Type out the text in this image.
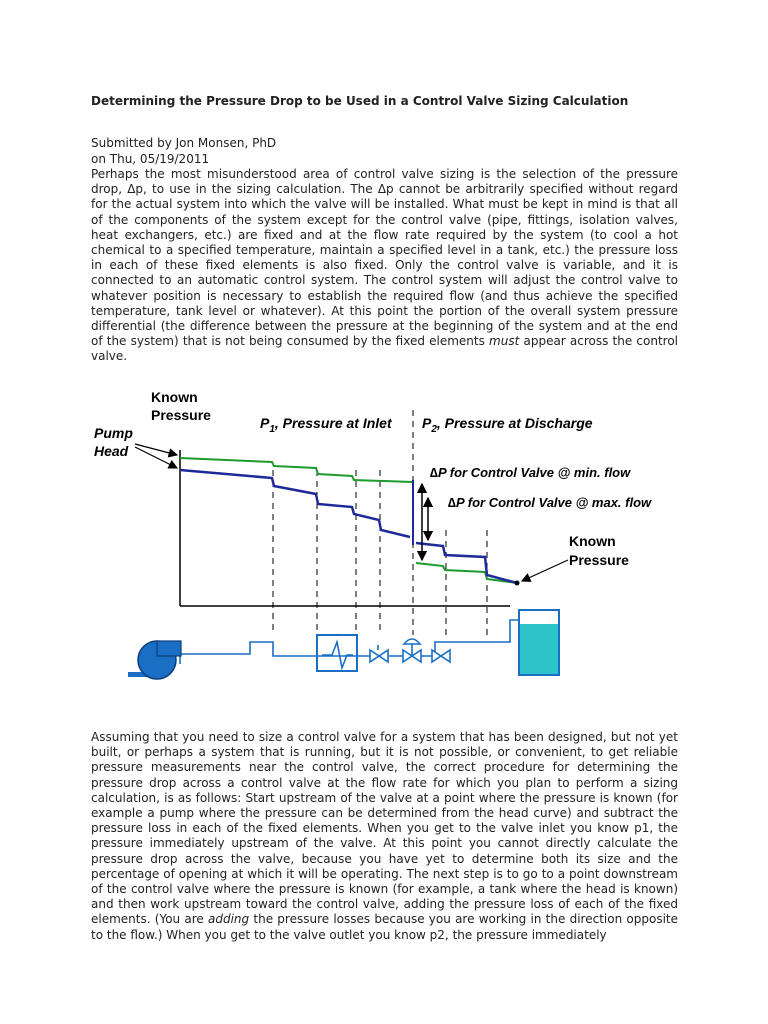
Determining the Pressure Drop to be Used in a Control Valve Sizing Calculation
Submitted by Jon Monsen, PhD
on Thu, 05/19/2011

Perhaps the most misunderstood area of control valve sizing is the selection of the pressure drop, Δp, to use in the sizing calculation. The Δp cannot be arbitrarily specified without regard for the actual system into which the valve will be installed. What must be kept in mind is that all of the components of the system except for the control valve (pipe, fittings, isolation valves, heat exchangers, etc.) are fixed and at the flow rate required by the system (to cool a hot chemical to a specified temperature, maintain a specified level in a tank, etc.) the pressure loss in each of these fixed elements is also fixed. Only the control valve is variable, and it is connected to an automatic control system. The control system will adjust the control valve to whatever position is necessary to establish the required flow (and thus achieve the specified temperature, tank level or whatever). At this point the portion of the overall system pressure differential (the difference between the pressure at the beginning of the system and at the end of the system) that is not being consumed by the fixed elements must appear across the control valve.

Known Pressure
Pump Head
$P_1$, Pressure at Inlet $P_2$, Pressure at Discharge
∆P for Control Valve @ min. flow
∆P for Control Valve @ max. flow
Known Pressure

Assuming that you need to size a control valve for a system that has been designed, but not yet built, or perhaps a system that is running, but it is not possible, or convenient, to get reliable pressure measurements near the control valve, the correct procedure for determining the pressure drop across a control valve at the flow rate for which you plan to perform a sizing calculation, is as follows: Start upstream of the valve at a point where the pressure is known (for example a pump where the pressure can be determined from the head curve) and subtract the pressure loss in each of the fixed elements. When you get to the valve inlet you know p1, the pressure immediately upstream of the valve. At this point you cannot directly calculate the pressure drop across the valve, because you have yet to determine both its size and the percentage of opening at which it will be operating. The next step is to go to a point downstream of the control valve where the pressure is known (for example, a tank where the head is known) and then work upstream toward the control valve, adding the pressure loss of each of the fixed elements. (You are adding the pressure losses because you are working in the direction opposite to the flow.) When you get to the valve outlet you know p2, the pressure immediately
